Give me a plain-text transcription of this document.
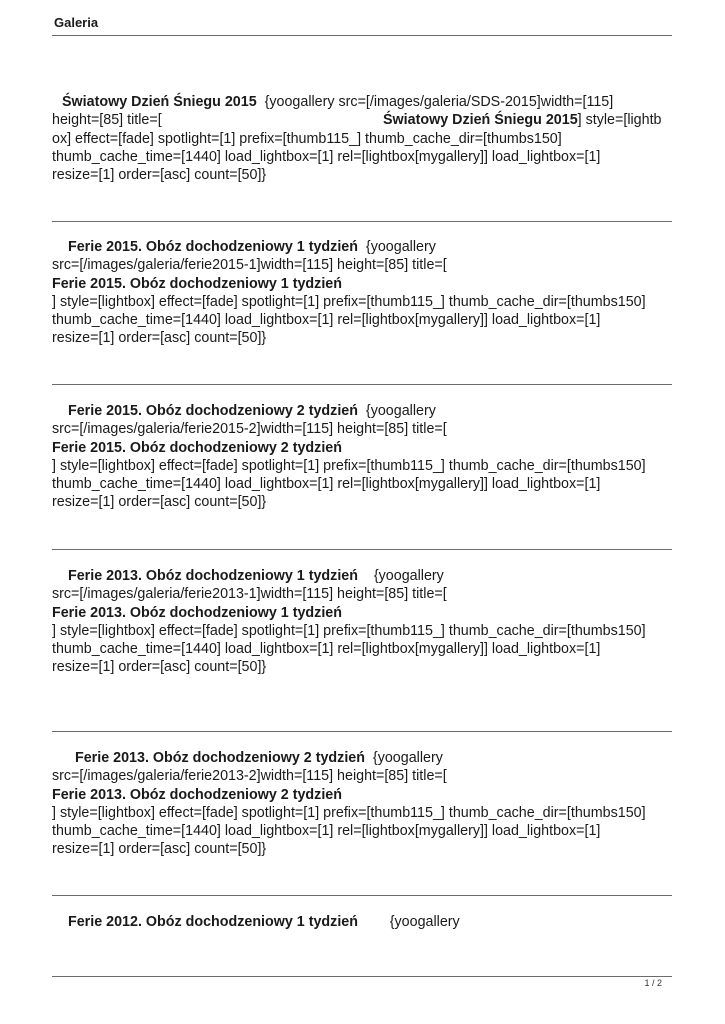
Galeria
Światowy Dzień Śniegu 2015  {yoogallery src=[/images/galeria/SDS-2015]width=[115]
height=[85] title=[	Światowy Dzień Śniegu 2015] style=[lightb
ox] effect=[fade] spotlight=[1] prefix=[thumb115_] thumb_cache_dir=[thumbs150]
thumb_cache_time=[1440] load_lightbox=[1] rel=[lightbox[mygallery]] load_lightbox=[1]
resize=[1] order=[asc] count=[50]}
Ferie 2015. Obóz dochodzeniowy 1 tydzień  {yoogallery
src=[/images/galeria/ferie2015-1]width=[115] height=[85] title=[
Ferie 2015. Obóz dochodzeniowy 1 tydzień
] style=[lightbox] effect=[fade] spotlight=[1] prefix=[thumb115_] thumb_cache_dir=[thumbs150]
thumb_cache_time=[1440] load_lightbox=[1] rel=[lightbox[mygallery]] load_lightbox=[1]
resize=[1] order=[asc] count=[50]}
Ferie 2015. Obóz dochodzeniowy 2 tydzień  {yoogallery
src=[/images/galeria/ferie2015-2]width=[115] height=[85] title=[
Ferie 2015. Obóz dochodzeniowy 2 tydzień
] style=[lightbox] effect=[fade] spotlight=[1] prefix=[thumb115_] thumb_cache_dir=[thumbs150]
thumb_cache_time=[1440] load_lightbox=[1] rel=[lightbox[mygallery]] load_lightbox=[1]
resize=[1] order=[asc] count=[50]}
Ferie 2013. Obóz dochodzeniowy 1 tydzień    {yoogallery
src=[/images/galeria/ferie2013-1]width=[115] height=[85] title=[
Ferie 2013. Obóz dochodzeniowy 1 tydzień
] style=[lightbox] effect=[fade] spotlight=[1] prefix=[thumb115_] thumb_cache_dir=[thumbs150]
thumb_cache_time=[1440] load_lightbox=[1] rel=[lightbox[mygallery]] load_lightbox=[1]
resize=[1] order=[asc] count=[50]}
Ferie 2013. Obóz dochodzeniowy 2 tydzień  {yoogallery
src=[/images/galeria/ferie2013-2]width=[115] height=[85] title=[
Ferie 2013. Obóz dochodzeniowy 2 tydzień
] style=[lightbox] effect=[fade] spotlight=[1] prefix=[thumb115_] thumb_cache_dir=[thumbs150]
thumb_cache_time=[1440] load_lightbox=[1] rel=[lightbox[mygallery]] load_lightbox=[1]
resize=[1] order=[asc] count=[50]}
Ferie 2012. Obóz dochodzeniowy 1 tydzień        {yoogallery
1 / 2
